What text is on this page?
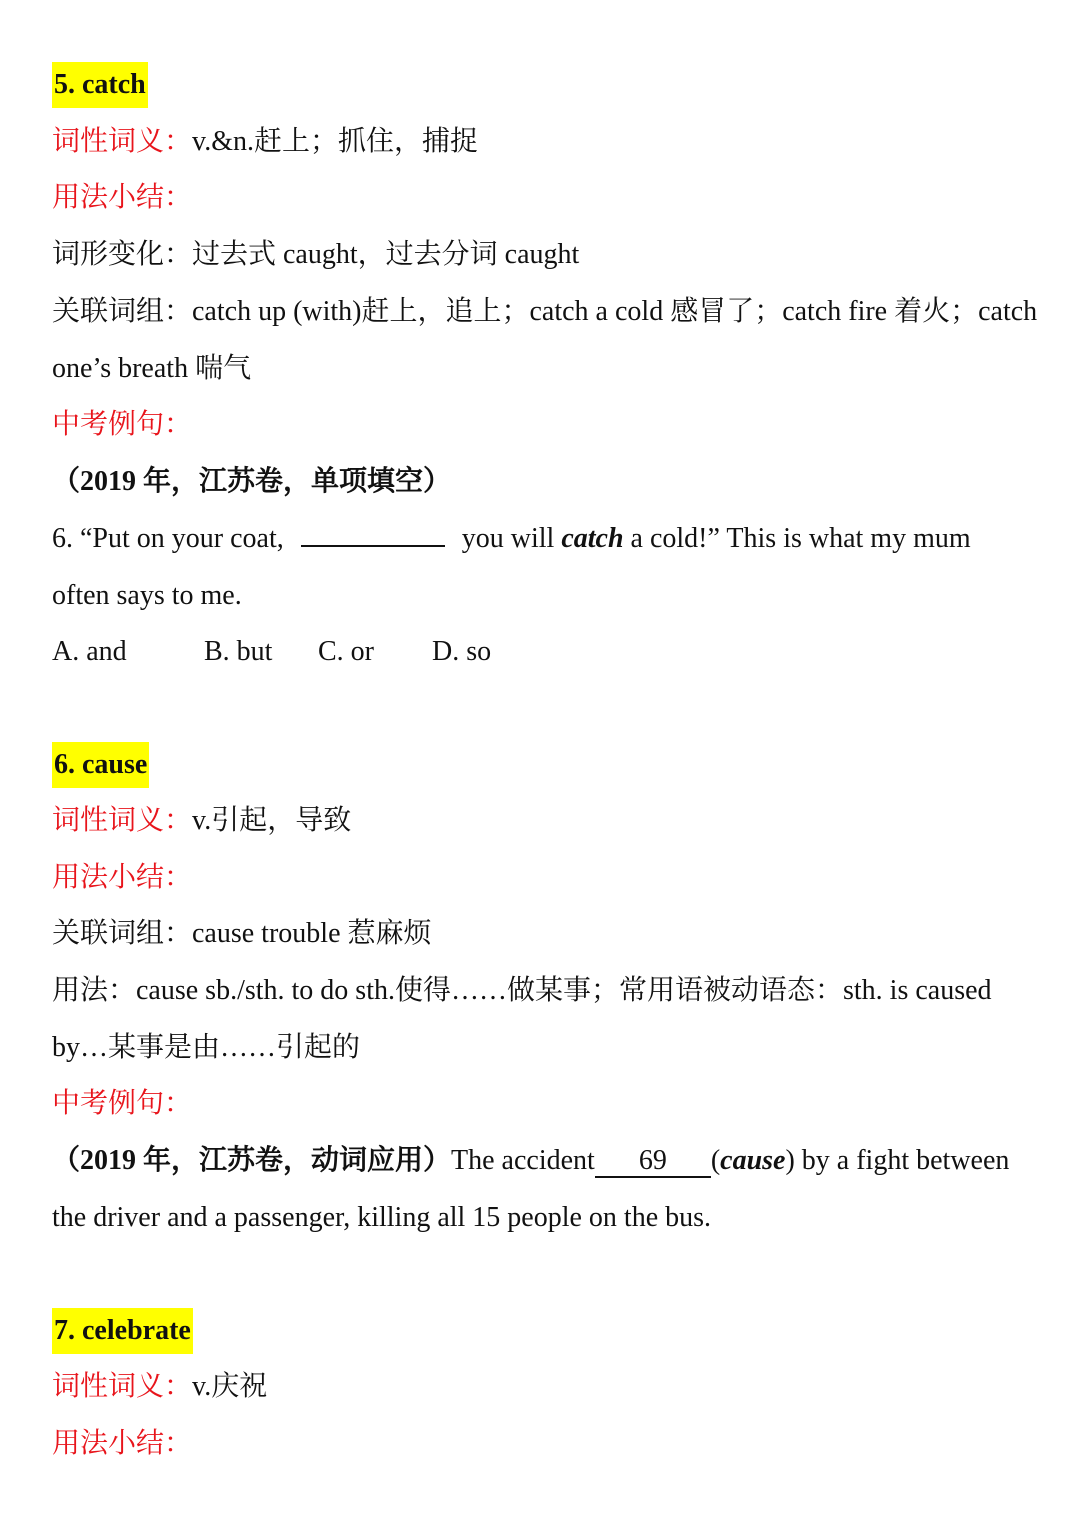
5. catch
词性词义：v.&n.赶上；抓住，捕捉
用法小结：
词形变化：过去式 caught，过去分词 caught
关联词组：catch up (with)赶上，追上；catch a cold 感冒了；catch fire 着火；catch
one’s breath 喘气
中考例句：
（2019 年，江苏卷，单项填空）
6. “Put on your coat,	you will catch a cold!” This is what my mum
often says to me.
A. and	B. but C. or D. so
6. cause
词性词义：v.引起，导致
用法小结：
关联词组：cause trouble 惹麻烦
用法：cause sb./sth. to do sth.使得……做某事；常用语被动语态：sth. is caused
by…某事是由……引起的
中考例句：
（2019 年，江苏卷，动词应用）The accident 69 (cause) by a fight between
the driver and a passenger, killing all 15 people on the bus.
7. celebrate
词性词义：v.庆祝
用法小结：
